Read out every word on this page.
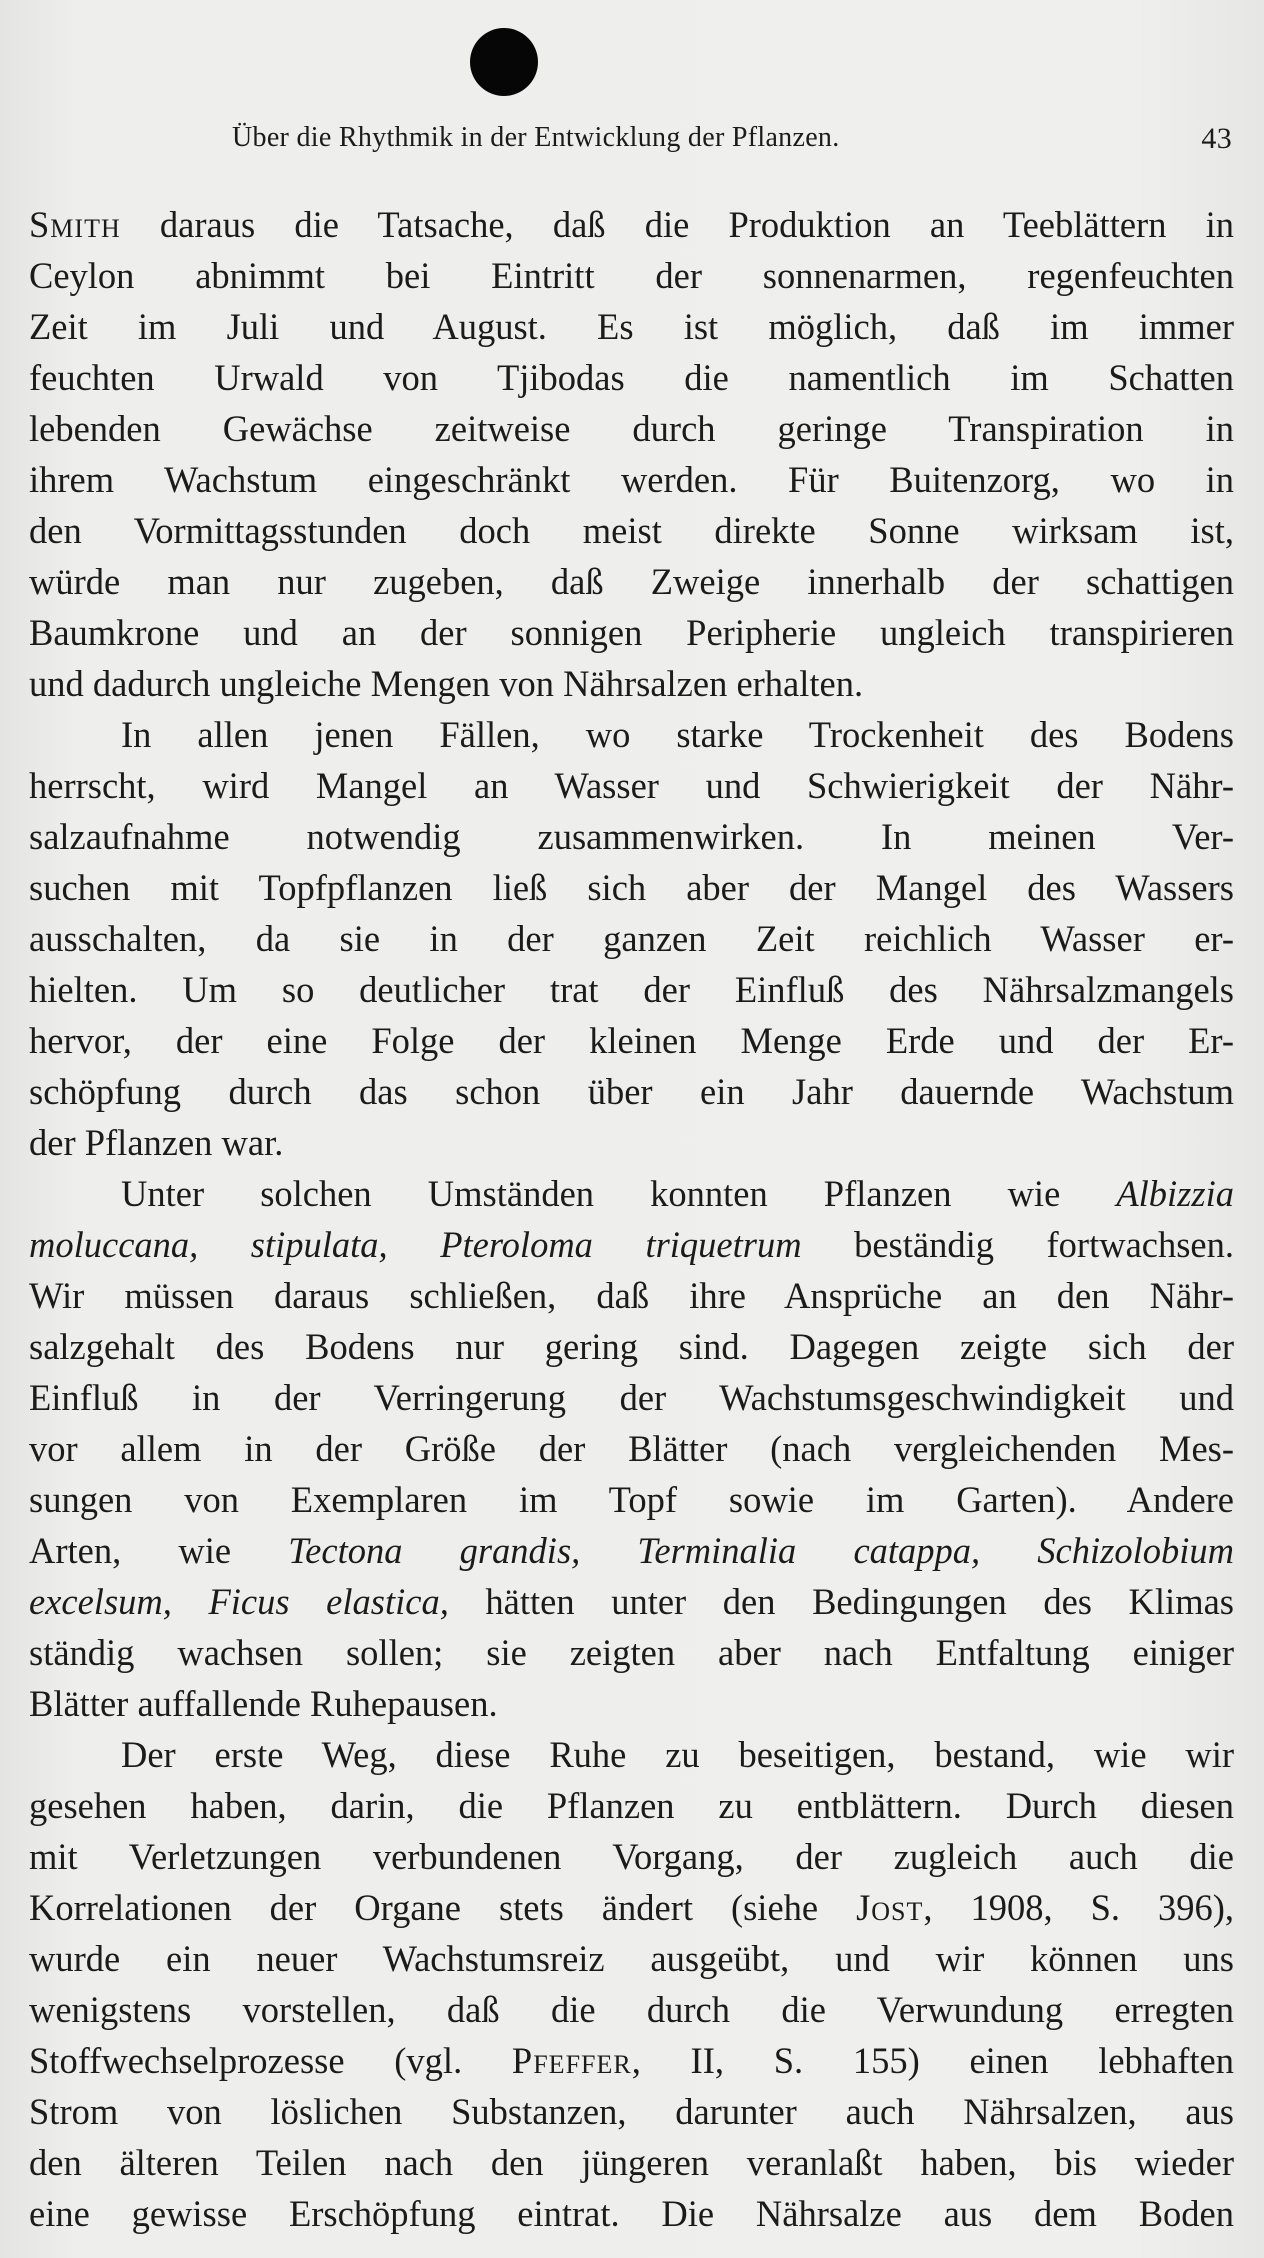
Über die Rhythmik in der Entwicklung der Pflanzen.	43
Smith daraus die Tatsache, daß die Produktion an Teeblättern in
Ceylon abnimmt bei Eintritt der sonnenarmen, regenfeuchten
Zeit im Juli und August. Es ist möglich, daß im immer
feuchten Urwald von Tjibodas die namentlich im Schatten
lebenden Gewächse zeitweise durch geringe Transpiration in
ihrem Wachstum eingeschränkt werden. Für Buitenzorg, wo in
den Vormittagsstunden doch meist direkte Sonne wirksam ist,
würde man nur zugeben, daß Zweige innerhalb der schattigen
Baumkrone und an der sonnigen Peripherie ungleich transpirieren
und dadurch ungleiche Mengen von Nährsalzen erhalten.
In allen jenen Fällen, wo starke Trockenheit des Bodens
herrscht, wird Mangel an Wasser und Schwierigkeit der Nähr-
salzaufnahme notwendig zusammenwirken. In meinen Ver-
suchen mit Topfpflanzen ließ sich aber der Mangel des Wassers
ausschalten, da sie in der ganzen Zeit reichlich Wasser er-
hielten. Um so deutlicher trat der Einfluß des Nährsalzmangels
hervor, der eine Folge der kleinen Menge Erde und der Er-
schöpfung durch das schon über ein Jahr dauernde Wachstum
der Pflanzen war.
Unter solchen Umständen konnten Pflanzen wie Albizzia
moluccana, stipulata, Pteroloma triquetrum beständig fortwachsen.
Wir müssen daraus schließen, daß ihre Ansprüche an den Nähr-
salzgehalt des Bodens nur gering sind. Dagegen zeigte sich der
Einfluß in der Verringerung der Wachstumsgeschwindigkeit und
vor allem in der Größe der Blätter (nach vergleichenden Mes-
sungen von Exemplaren im Topf sowie im Garten). Andere
Arten, wie Tectona grandis, Terminalia catappa, Schizolobium
excelsum, Ficus elastica, hätten unter den Bedingungen des Klimas
ständig wachsen sollen; sie zeigten aber nach Entfaltung einiger
Blätter auffallende Ruhepausen.
Der erste Weg, diese Ruhe zu beseitigen, bestand, wie wir
gesehen haben, darin, die Pflanzen zu entblättern. Durch diesen
mit Verletzungen verbundenen Vorgang, der zugleich auch die
Korrelationen der Organe stets ändert (siehe Jost, 1908, S. 396),
wurde ein neuer Wachstumsreiz ausgeübt, und wir können uns
wenigstens vorstellen, daß die durch die Verwundung erregten
Stoffwechselprozesse (vgl. Pfeffer, II, S. 155) einen lebhaften
Strom von löslichen Substanzen, darunter auch Nährsalzen, aus
den älteren Teilen nach den jüngeren veranlaßt haben, bis wieder
eine gewisse Erschöpfung eintrat. Die Nährsalze aus dem Boden
